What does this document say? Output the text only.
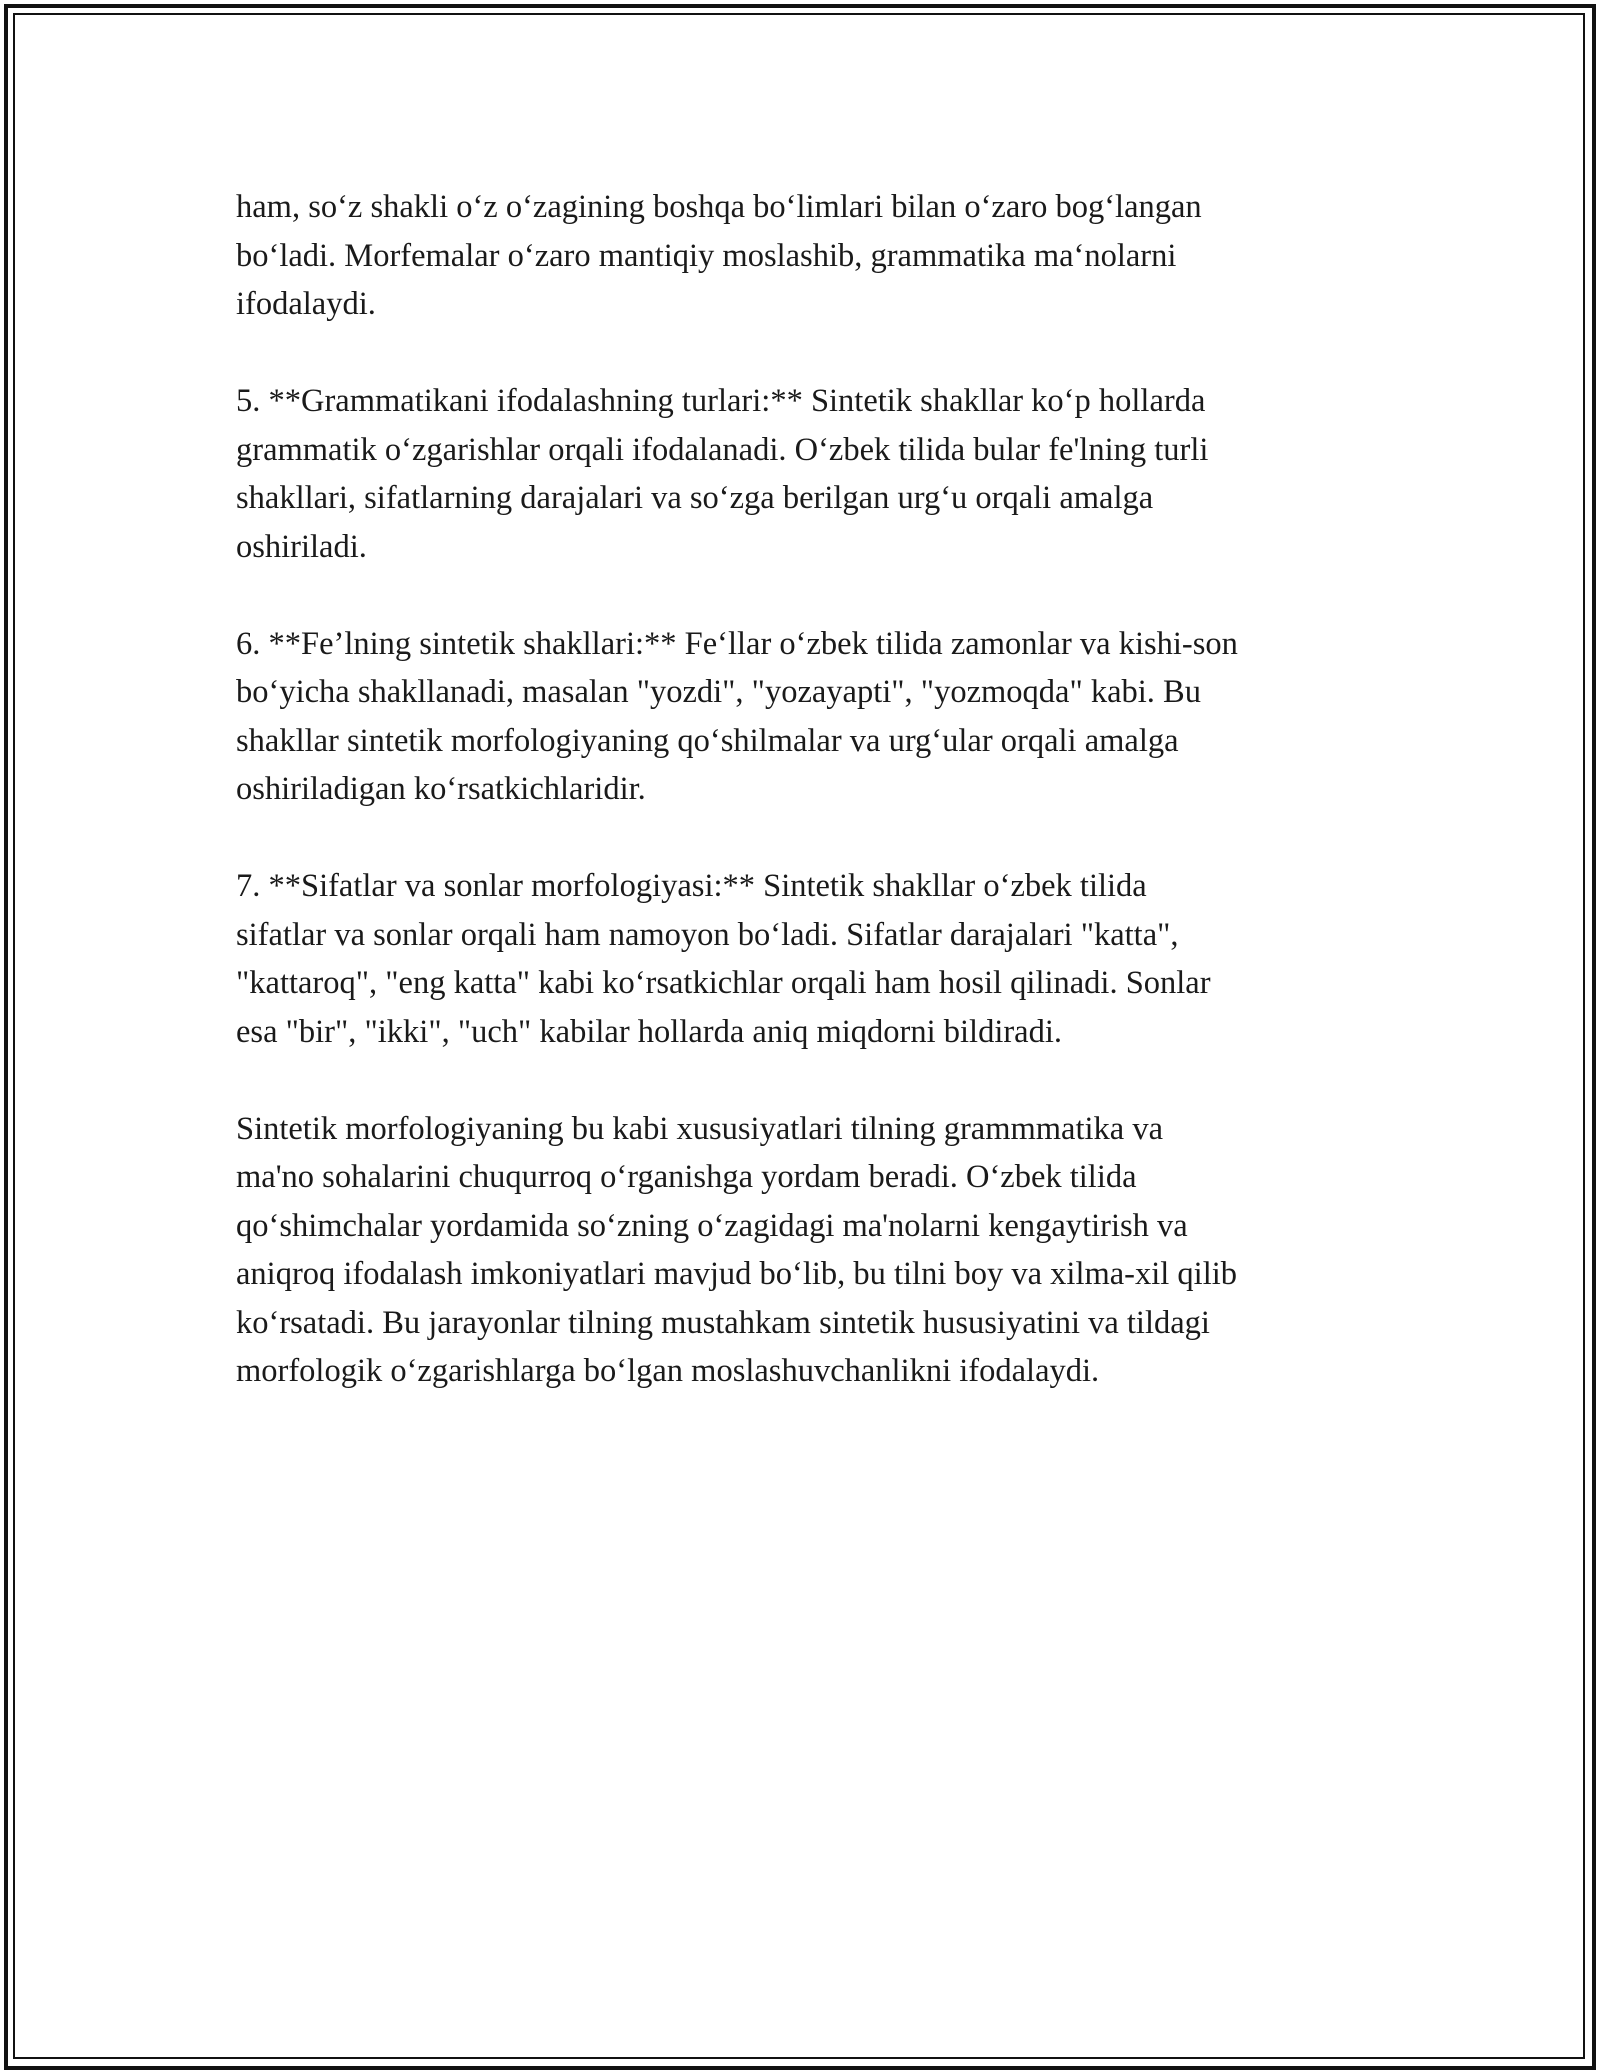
ham, so‘z shakli o‘z o‘zagining boshqa bo‘limlari bilan o‘zaro bog‘langan
bo‘ladi. Morfemalar o‘zaro mantiqiy moslashib, grammatika ma‘nolarni
ifodalaydi.

5. **Grammatikani ifodalashning turlari:** Sintetik shakllar ko‘p hollarda
grammatik o‘zgarishlar orqali ifodalanadi. O‘zbek tilida bular fe'lning turli
shakllari, sifatlarning darajalari va so‘zga berilgan urg‘u orqali amalga
oshiriladi.

6. **Fe’lning sintetik shakllari:** Fe‘llar o‘zbek tilida zamonlar va kishi-son
bo‘yicha shakllanadi, masalan "yozdi", "yozayapti", "yozmoqda" kabi. Bu
shakllar sintetik morfologiyaning qo‘shilmalar va urg‘ular orqali amalga
oshiriladigan ko‘rsatkichlaridir.

7. **Sifatlar va sonlar morfologiyasi:** Sintetik shakllar o‘zbek tilida
sifatlar va sonlar orqali ham namoyon bo‘ladi. Sifatlar darajalari "katta",
"kattaroq", "eng katta" kabi ko‘rsatkichlar orqali ham hosil qilinadi. Sonlar
esa "bir", "ikki", "uch" kabilar hollarda aniq miqdorni bildiradi.

Sintetik morfologiyaning bu kabi xususiyatlari tilning grammmatika va
ma'no sohalarini chuqurroq o‘rganishga yordam beradi. O‘zbek tilida
qo‘shimchalar yordamida so‘zning o‘zagidagi ma'nolarni kengaytirish va
aniqroq ifodalash imkoniyatlari mavjud bo‘lib, bu tilni boy va xilma-xil qilib
ko‘rsatadi. Bu jarayonlar tilning mustahkam sintetik hususiyatini va tildagi
morfologik o‘zgarishlarga bo‘lgan moslashuvchanlikni ifodalaydi.
